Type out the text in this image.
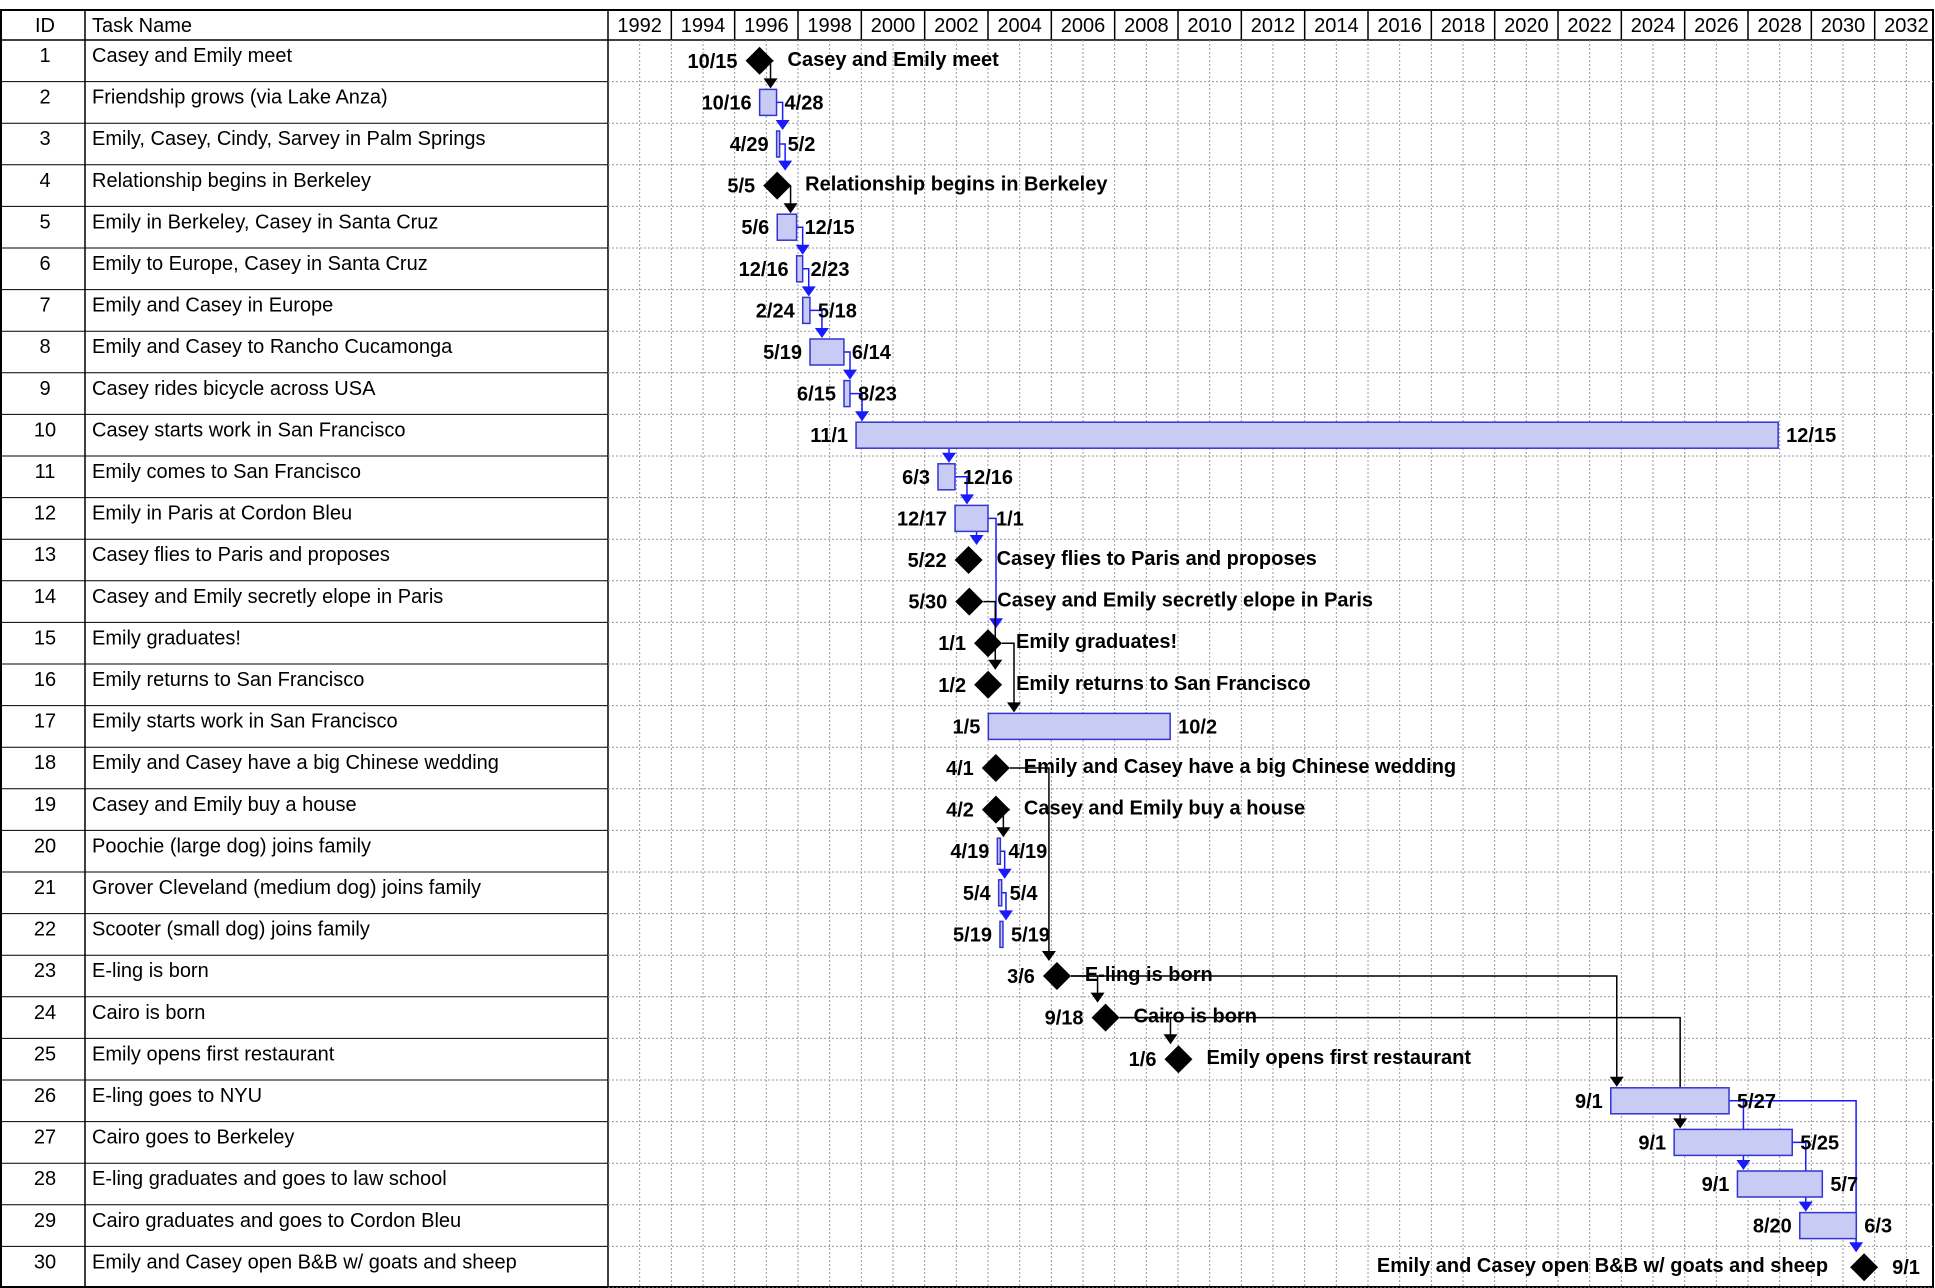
ID Task Name	1992 1994 1996 1998 2000 2002 2004 2006 2008 2010 2012 2014 2016 2018 2020 2022 2024 2026 2028 2030 2032
1 Casey and Emily meet
2 Friendship grows (via Lake Anza)
3 Emily, Casey, Cindy, Sarvey in Palm Springs
4 Relationship begins in Berkeley
5 Emily in Berkeley, Casey in Santa Cruz
6 Emily to Europe, Casey in Santa Cruz
7 Emily and Casey in Europe
8 Emily and Casey to Rancho Cucamonga
9 Casey rides bicycle across USA
10 Casey starts work in San Francisco
11 Emily comes to San Francisco
12 Emily in Paris at Cordon Bleu
13 Casey flies to Paris and proposes
14 Casey and Emily secretly elope in Paris
15 Emily graduates!
16 Emily returns to San Francisco
17 Emily starts work in San Francisco
18 Emily and Casey have a big Chinese wedding
19 Casey and Emily buy a house
20 Poochie (large dog) joins family
21 Grover Cleveland (medium dog) joins family
22 Scooter (small dog) joins family
23 E-ling is born
24 Cairo is born
25 Emily opens first restaurant
26 E-ling goes to NYU
27 Cairo goes to Berkeley
28 E-ling graduates and goes to law school
29 Cairo graduates and goes to Cordon Bleu
30 Emily and Casey open B&B w/ goats and sheep
10/15	Casey and Emily meet
10/16 4/28
4/29 5/2
5/5	Relationship begins in Berkeley
5/6 12/15
12/16 2/23
2/24 5/18
5/19 6/14
6/15 8/23
11/1	12/15
6/3 12/16
12/17 1/1
5/22	Casey flies to Paris and proposes
5/30	Casey and Emily secretly elope in Paris
1/1	Emily graduates!
1/2	Emily returns to San Francisco
1/5	10/2
4/1	Emily and Casey have a big Chinese wedding
4/2	Casey and Emily buy a house
4/19 4/19
5/4 5/4
5/19 5/19
3/6	E-ling is born
9/18	Cairo is born
1/6	Emily opens first restaurant
9/1	5/27
9/1	5/25
9/1	5/7
8/20	6/3
9/1
Emily and Casey open B&B w/ goats and sheep
